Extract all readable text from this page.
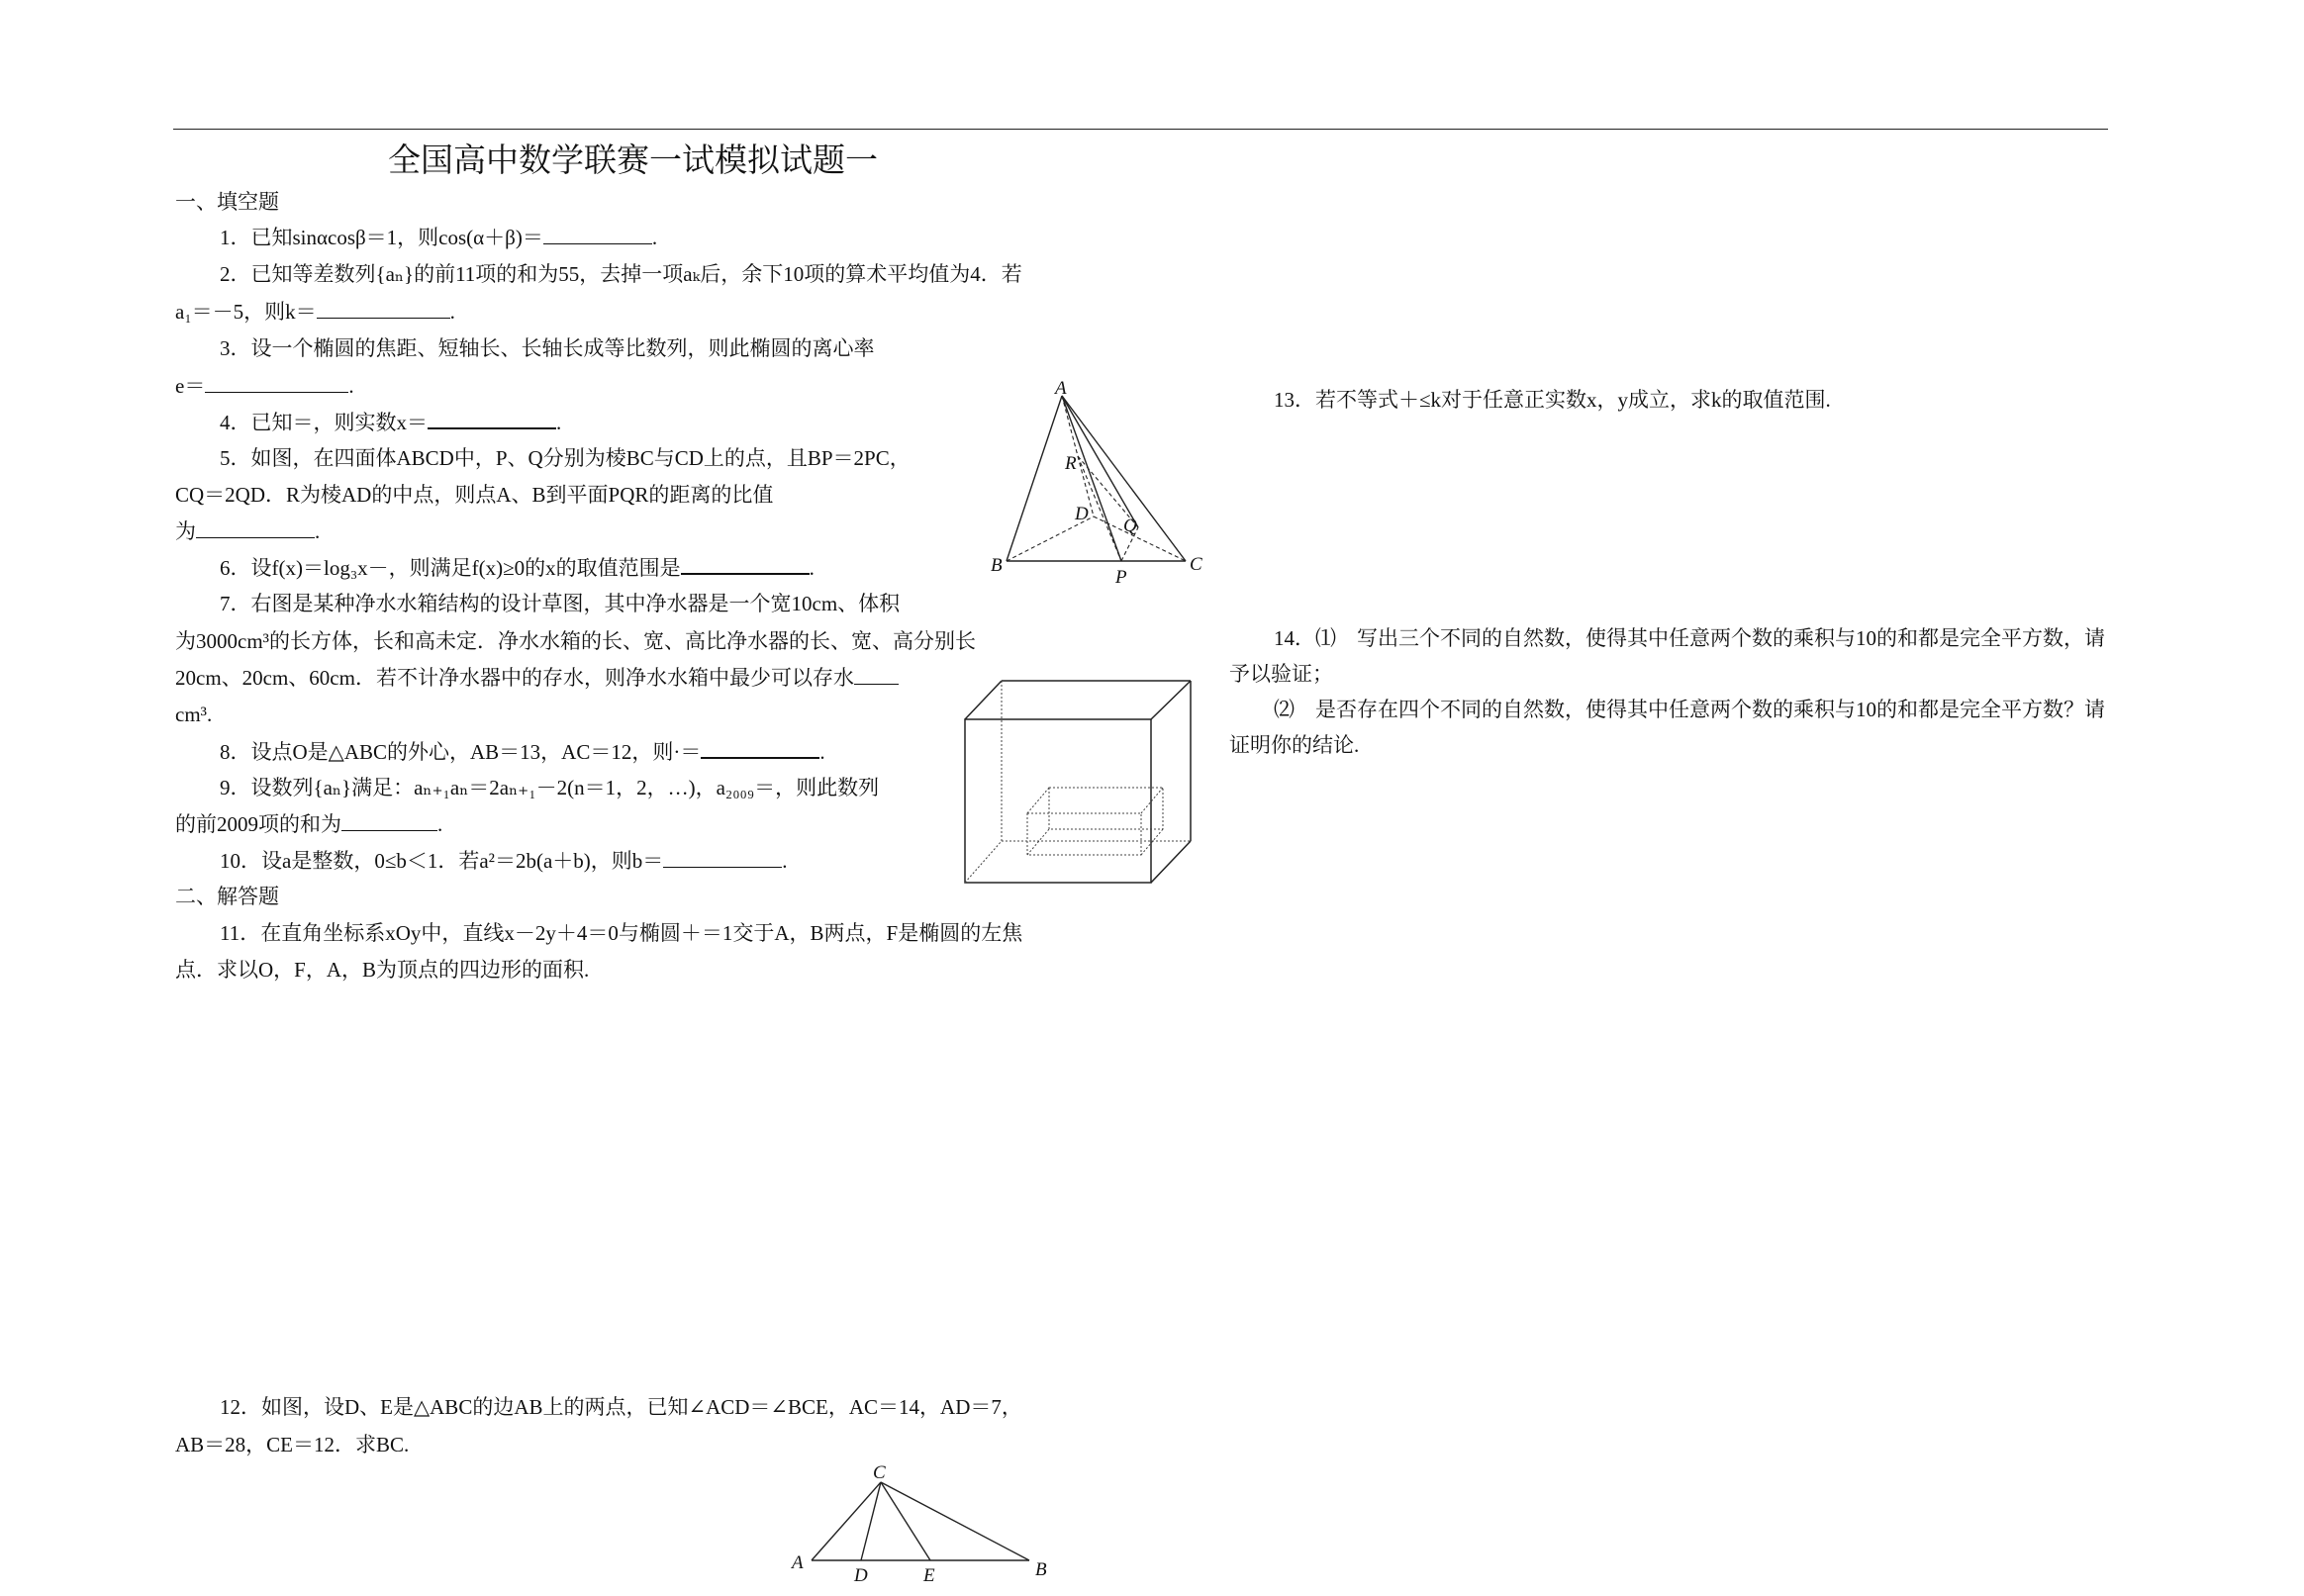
全国高中数学联赛一试模拟试题一
一、填空题
1．已知sinαcosβ＝1，则cos(α＋β)＝	.
2．已知等差数列{aₙ}的前11项的和为55，去掉一项aₖ后，余下10项的算术平均值为4．若
a₁＝－5，则k＝	.
3．设一个椭圆的焦距、短轴长、长轴长成等比数列，则此椭圆的离心率
e＝	.
4．已知＝，则实数x＝	.
5．如图，在四面体ABCD中，P、Q分别为棱BC与CD上的点，且BP＝2PC，
CQ＝2QD．R为棱AD的中点，则点A、B到平面PQR的距离的比值
为	.
6．设f(x)＝log₃x－，则满足f(x)≥0的x的取值范围是	.
7．右图是某种净水水箱结构的设计草图，其中净水器是一个宽10cm、体积
为3000cm³的长方体，长和高未定．净水水箱的长、宽、高比净水器的长、宽、高分别长
20cm、20cm、60cm．若不计净水器中的存水，则净水水箱中最少可以存水
cm³.
8．设点O是△ABC的外心，AB＝13，AC＝12，则·＝	.
9．设数列{aₙ}满足：aₙ₊₁aₙ＝2aₙ₊₁－2(n＝1，2，…)，a₂₀₀₉＝，则此数列
的前2009项的和为	.
10．设a是整数，0≤b＜1．若a²＝2b(a＋b)，则b＝	.
二、解答题
11．在直角坐标系xOy中，直线x－2y＋4＝0与椭圆＋＝1交于A，B两点，F是椭圆的左焦
点．求以O，F，A，B为顶点的四边形的面积.
12．如图，设D、E是△ABC的边AB上的两点，已知∠ACD＝∠BCE，AC＝14，AD＝7，
AB＝28，CE＝12．求BC.
13．若不等式＋≤k对于任意正实数x，y成立，求k的取值范围.
14．⑴　写出三个不同的自然数，使得其中任意两个数的乘积与10的和都是完全平方数，请
予以验证；
⑵　是否存在四个不同的自然数，使得其中任意两个数的乘积与10的和都是完全平方数？请
证明你的结论.
A
B	C
D
P
Q
R
C
A	B
D	E
